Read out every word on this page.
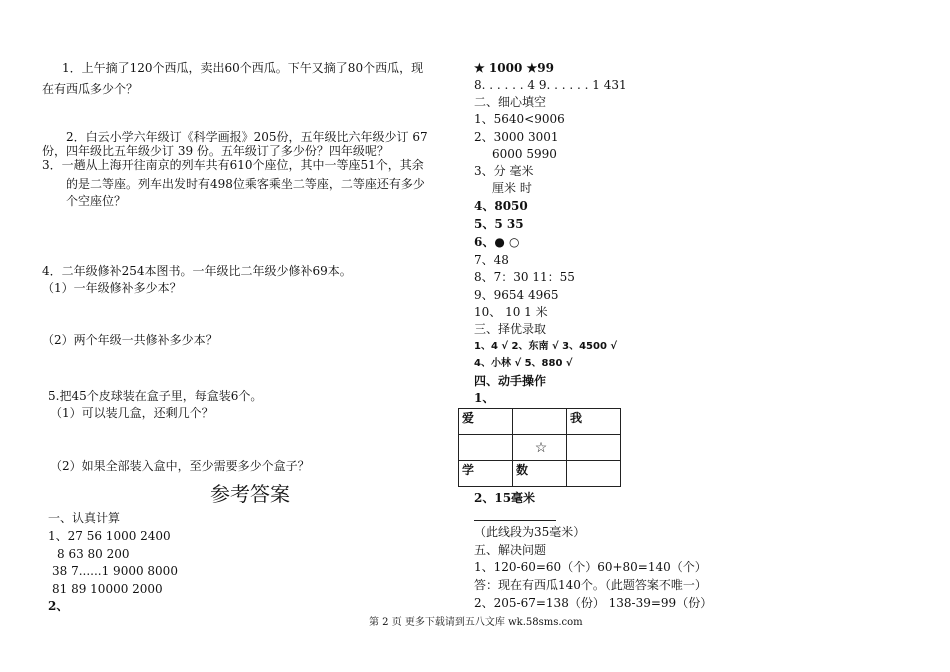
1．上午摘了120个西瓜，卖出60个西瓜。下午又摘了80个西瓜，现
在有西瓜多少个？
2．白云小学六年级订《科学画报》205份，五年级比六年级少订 67
份，四年级比五年级少订 39 份。五年级订了多少份？四年级呢？
3．一趟从上海开往南京的列车共有610个座位，其中一等座51个，其余
的是二等座。列车出发时有498位乘客乘坐二等座，二等座还有多少
个空座位？
4．二年级修补254本图书。一年级比二年级少修补69本。
（1）一年级修补多少本？
（2）两个年级一共修补多少本？
5.把45个皮球装在盒子里，每盒装6个。
（1）可以装几盒，还剩几个？
（2）如果全部装入盒中，至少需要多少个盒子？
参考答案
一、认真计算
1、27 56 1000 2400
8 63 80 200
38 7......1 9000 8000
81 89 10000 2000
2、
★ 1000 ★99
8. . . . . . 4 9. . . . . . 1 431
二、细心填空
1、5640<9006
2、3000 3001
6000 5990
3、分 毫米
厘米 时
4、8050
5、5 35
6、● ○
7、48
8、7：30 11：55
9、9654 4965
10、 10 1 米
三、择优录取
1、4 √ 2、东南 √ 3、4500 √
4、小林 √ 5、880 √
四、动手操作
1、
爱		我
	☆	
学	数	
2、15毫米
（此线段为35毫米）
五、解决问题
1、120-60=60（个）60+80=140（个）
答：现在有西瓜140个。（此题答案不唯一）
2、205-67=138（份） 138-39=99（份）
第 2 页 更多下载请到五八文库 wk.58sms.com
